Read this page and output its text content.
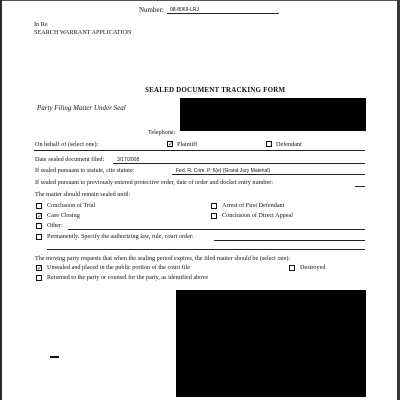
Number: 08-8069-LRJ
In Re
SEARCH WARRANT APPLICATION
SEALED DOCUMENT TRACKING FORM
Party Filing Matter Under Seal
Telephone:
On behalf of (select one):	✓ Plaintiff	Defendant
Date sealed document filed:	3/17/2008
If sealed pursuant to statute, cite statute:	Fed. R. Crim. P. 6(e) (Grand Jury Material)
If sealed pursuant to previously entered protective order, date of order and docket entry number:
The matter should remain sealed until:
Conclusion of Trial	Arrest of First Defendant
✓ Case Closing	Conclusion of Direct Appeal
Other:
Permanently. Specify the authorizing law, rule, court order:
The moving party requests that when the sealing period expires, the filed matter should be (select one):
✓ Unsealed and placed in the public portion of the court file	Destroyed
Returned to the party or counsel for the party, as identified above
